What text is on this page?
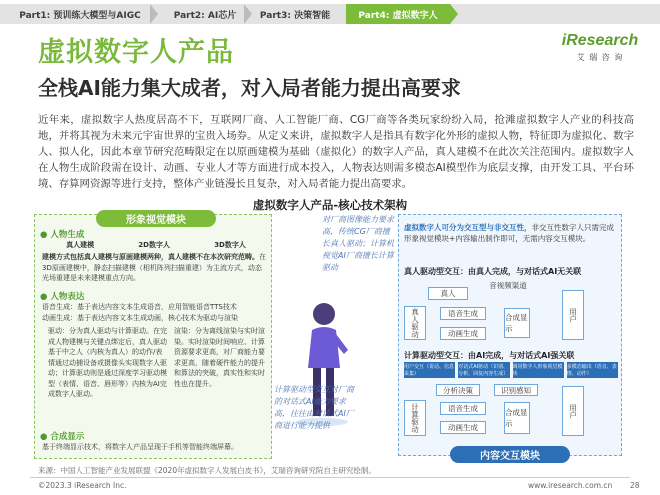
Part1: 预训练大模型与AIGC	Part2: AI芯片	Part3: 决策智能	Part4: 虚拟数字人
iResearch
艾 瑞 咨 询
虚拟数字人产品
全栈AI能力集大成者，对入局者能力提出高要求
近年来，虚拟数字人热度居高不下，互联网厂商、人工智能厂商、CG厂商等各类玩家纷纷入局，抢滩虚拟数字人产业的科技高地，并将其视为未来元宇宙世界的宝贵入场券。从定义来讲，虚拟数字人是指具有数字化外形的虚拟人物，特征即为虚拟化、数字人、拟人化，因此本章节研究范畴限定在以原画建模为基础（虚拟化）的数字人产品，真人建模不在此次关注范围内。虚拟数字人在人物生成阶段需在设计、动画、专业人才等方面进行成本投入，人物表达则需多模态AI模型作为底层支撑，由开发工具、平台环境、存算网资源等进行支持，整体产业链漫长且复杂，对入局者能力提出高要求。
虚拟数字人产品-核心技术架构
形象视觉模块
● 人物生成
真人建模	2D数字人	3D数字人
建模方式包括真人建模与原画建模两种，真人建模不在本次研究范畴。在3D原画建模中，静态扫描建模（相机阵列扫描重建）为主流方式，动态光场重建是未来建模重点方向。
● 人物表达
语音生成：基于表达内容文本生成语音，应用智能语音TTS技术
动画生成：基于表达内容文本生成动画，核心技术为驱动与渲染
驱动：分为真人驱动与计算驱动。在完成人物建模与关键点绑定后，真人驱动基于中之人（内核为真人）的动作/表情通过动捕设备或摄像头实现数字人驱动；计算驱动则是通过深度学习驱动模型（表情、语音、唇形等）内核为AI完成数字人驱动。
渲染：分为离线渲染与实时渲染。实时渲染时间响应、计算资源要求更高，对厂商能力要求更高，随着硬件能力的提升和算法的突破，真实性和实时性也在提升。
● 合成显示
基于终端显示技术，将数字人产品呈现于手机等智能终端屏幕。
对厂商图像能力要求高，传统CG厂商擅长真人驱动；计算机视觉AI厂商擅长计算驱动
计算驱动型交互对厂商的对话式AI能力要求高，往往由对话式AI厂商进行能力提供
虚拟数字人可分为交互型与非交互性，非交互性数字人只需完成形象视觉模块+内容输出制作即可，无需内容交互模块。
真人驱动型交互：由真人完成，与对话式AI无关联
音视频渠道
真人
真人驱动	语音生成
动画生成
合成显示
用户
计算驱动型交互：由AI完成，与对话式AI强关联
用户交互（说话、信息采集）
对话式AI驱动（识别、分析、回复内容生成）
调用数字人形象视觉模块
多模态输出（语音、表情、动作）
分析决策	识别感知
计算驱动	语音生成
动画生成
合成显示
用户
内容交互模块
来源：中国人工智能产业发展联盟《2020年虚拟数字人发展白皮书》，艾瑞咨询研究院自主研究绘制。
©2023.3 iResearch Inc.	www.iresearch.com.cn 28
